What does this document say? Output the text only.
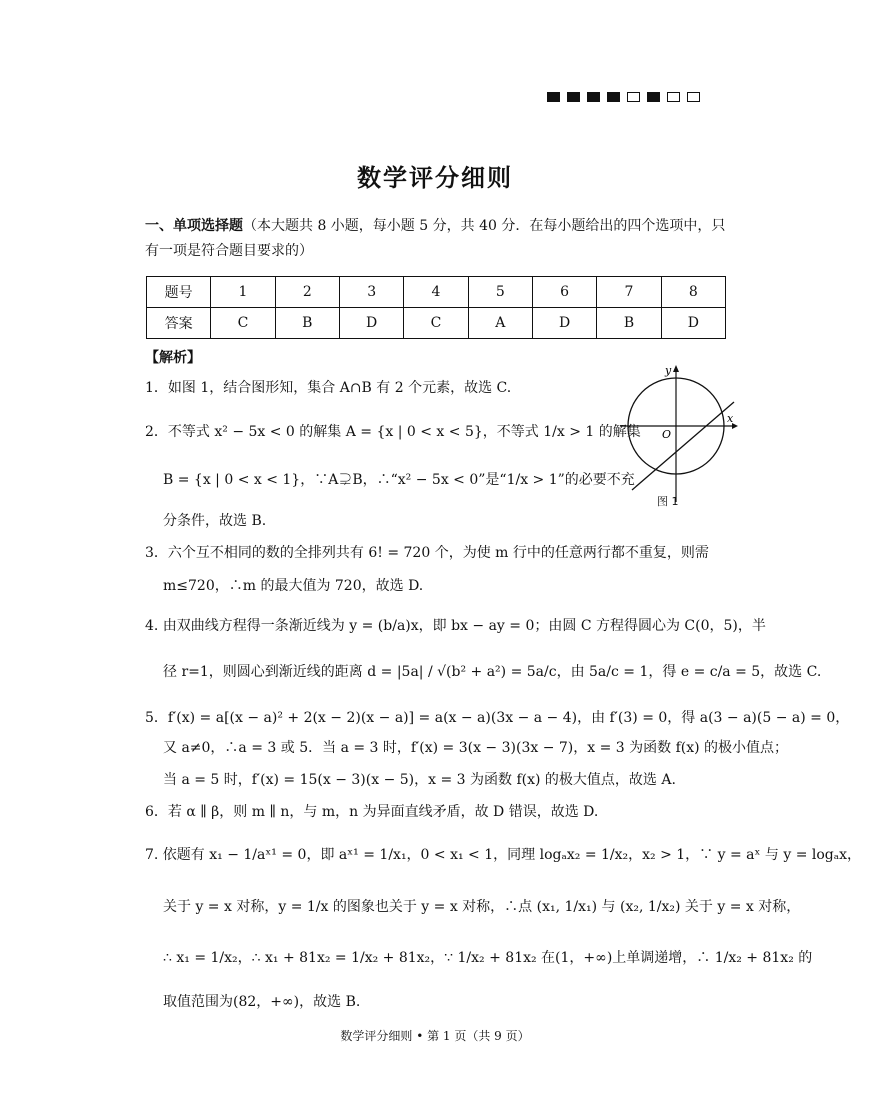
数学评分细则
一、单项选择题（本大题共 8 小题，每小题 5 分，共 40 分．在每小题给出的四个选项中，只
有一项是符合题目要求的）
题号	1	2	3	4	5	6	7	8
答案	C	B	D	C	A	D	B	D
【解析】
1．如图 1，结合图形知，集合 A∩B 有 2 个元素，故选 C.
2．不等式 x² − 5x < 0 的解集 A = {x | 0 < x < 5}，不等式 1/x > 1 的解集
B = {x | 0 < x < 1}，∵A⊋B，∴“x² − 5x < 0”是“1/x > 1”的必要不充
分条件，故选 B.
3．六个互不相同的数的全排列共有 6! = 720 个，为使 m 行中的任意两行都不重复，则需
m≤720，∴m 的最大值为 720，故选 D.
4. 由双曲线方程得一条渐近线为 y = (b/a)x，即 bx − ay = 0；由圆 C 方程得圆心为 C(0，5)，半
径 r=1，则圆心到渐近线的距离 d = |5a| / √(b² + a²) = 5a/c，由 5a/c = 1，得 e = c/a = 5，故选 C.
5．f′(x) = a[(x − a)² + 2(x − 2)(x − a)] = a(x − a)(3x − a − 4)，由 f′(3) = 0，得 a(3 − a)(5 − a) = 0，
又 a≠0，∴a = 3 或 5．当 a = 3 时，f′(x) = 3(x − 3)(3x − 7)，x = 3 为函数 f(x) 的极小值点；
当 a = 5 时，f′(x) = 15(x − 3)(x − 5)，x = 3 为函数 f(x) 的极大值点，故选 A.
6．若 α ∥ β，则 m ∥ n，与 m，n 为异面直线矛盾，故 D 错误，故选 D.
7. 依题有 x₁ − 1/aˣ¹ = 0，即 aˣ¹ = 1/x₁，0 < x₁ < 1，同理 logₐx₂ = 1/x₂，x₂ > 1，∵ y = aˣ 与 y = logₐx，
关于 y = x 对称，y = 1/x 的图象也关于 y = x 对称，∴点 (x₁, 1/x₁) 与 (x₂, 1/x₂) 关于 y = x 对称，
∴ x₁ = 1/x₂，∴ x₁ + 81x₂ = 1/x₂ + 81x₂，∵ 1/x₂ + 81x₂ 在(1，+∞)上单调递增，∴ 1/x₂ + 81x₂ 的
取值范围为(82，+∞)，故选 B.
x
y
O
图 1
数学评分细则 • 第 1 页（共 9 页）
